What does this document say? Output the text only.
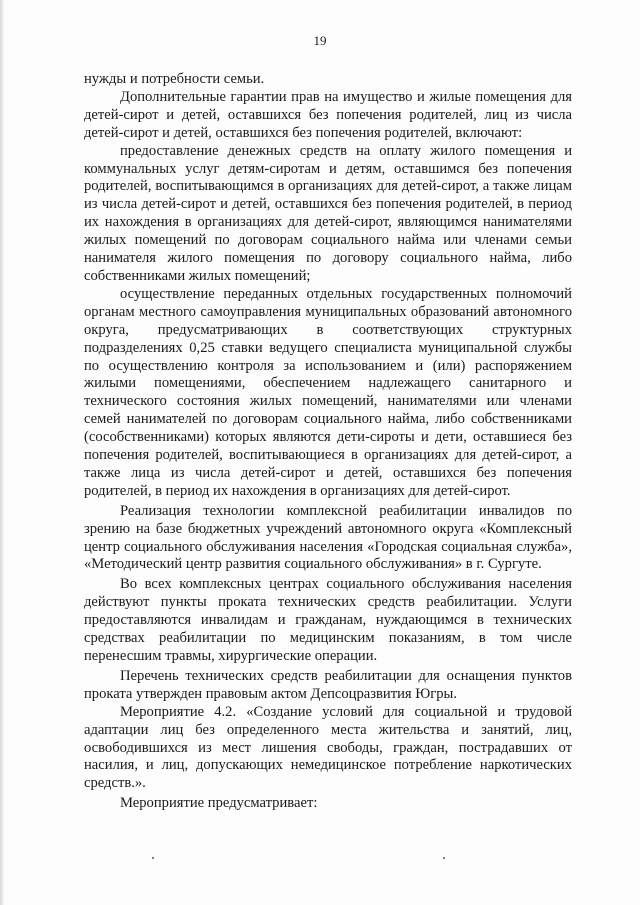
19

нужды и потребности семьи.

Дополнительные гарантии прав на имущество и жилые помещения для детей-сирот и детей, оставшихся без попечения родителей, лиц из числа детей-сирот и детей, оставшихся без попечения родителей, включают:

предоставление денежных средств на оплату жилого помещения и коммунальных услуг детям-сиротам и детям, оставшимся без попечения родителей, воспитывающимся в организациях для детей-сирот, а также лицам из числа детей-сирот и детей, оставшихся без попечения родителей, в период их нахождения в организациях для детей-сирот, являющимся нанимателями жилых помещений по договорам социального найма или членами семьи нанимателя жилого помещения по договору социального найма, либо собственниками жилых помещений;

осуществление переданных отдельных государственных полномочий органам местного самоуправления муниципальных образований автономного округа, предусматривающих в соответствующих структурных подразделениях 0,25 ставки ведущего специалиста муниципальной службы по осуществлению контроля за использованием и (или) распоряжением жилыми помещениями, обеспечением надлежащего санитарного и технического состояния жилых помещений, нанимателями или членами семей нанимателей по договорам социального найма, либо собственниками (сособственниками) которых являются дети-сироты и дети, оставшиеся без попечения родителей, воспитывающиеся в организациях для детей-сирот, а также лица из числа детей-сирот и детей, оставшихся без попечения родителей, в период их нахождения в организациях для детей-сирот.

Реализация технологии комплексной реабилитации инвалидов по зрению на базе бюджетных учреждений автономного округа «Комплексный центр социального обслуживания населения «Городская социальная служба», «Методический центр развития социального обслуживания» в г. Сургуте.

Во всех комплексных центрах социального обслуживания населения действуют пункты проката технических средств реабилитации. Услуги предоставляются инвалидам и гражданам, нуждающимся в технических средствах реабилитации по медицинским показаниям, в том числе перенесшим травмы, хирургические операции.

Перечень технических средств реабилитации для оснащения пунктов проката утвержден правовым актом Депсоцразвития Югры.

Мероприятие 4.2. «Создание условий для социальной и трудовой адаптации лиц без определенного места жительства и занятий, лиц, освободившихся из мест лишения свободы, граждан, пострадавших от насилия, и лиц, допускающих немедицинское потребление наркотических средств.».

Мероприятие предусматривает:
